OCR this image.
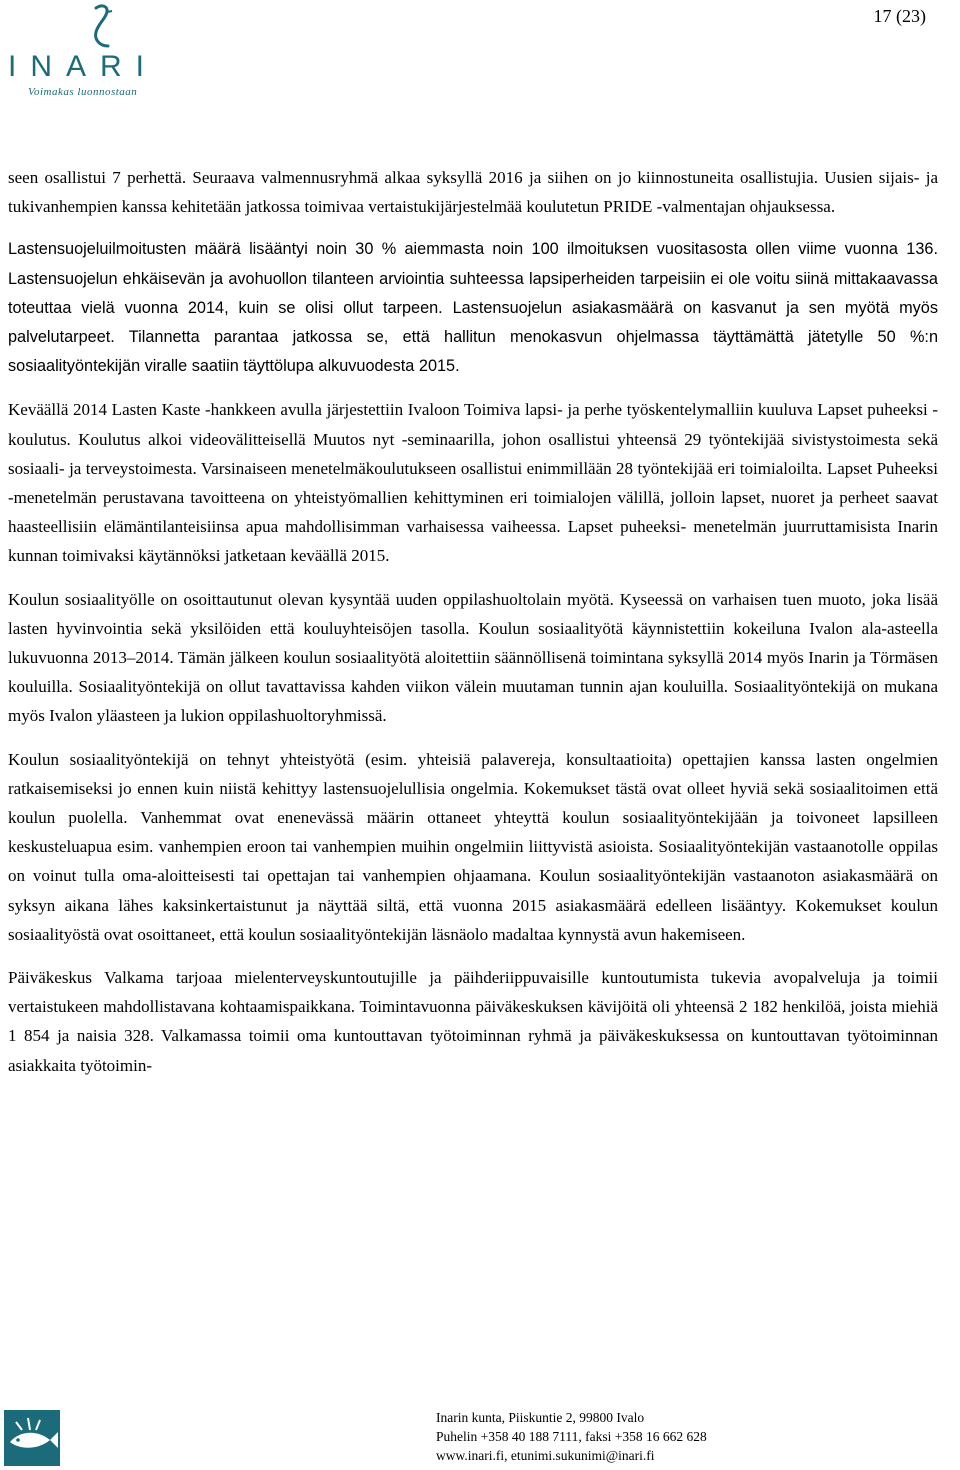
INARI
Voimakas luonnostaan
17 (23)

seen osallistui 7 perhettä. Seuraava valmennusryhmä alkaa syksyllä 2016 ja siihen on jo kiinnostuneita osallistujia. Uusien sijais- ja tukivanhempien kanssa kehitetään jatkossa toimivaa vertaistukijärjestelmää koulutetun PRIDE -valmentajan ohjauksessa.

Lastensuojeluilmoitusten määrä lisääntyi noin 30 % aiemmasta noin 100 ilmoituksen vuositasosta ollen viime vuonna 136. Lastensuojelun ehkäisevän ja avohuollon tilanteen arviointia suhteessa lapsiperheiden tarpeisiin ei ole voitu siinä mittakaavassa toteuttaa vielä vuonna 2014, kuin se olisi ollut tarpeen. Lastensuojelun asiakasmäärä on kasvanut ja sen myötä myös palvelutarpeet. Tilannetta parantaa jatkossa se, että hallitun menokasvun ohjelmassa täyttämättä jätetylle 50 %:n sosiaalityöntekijän viralle saatiin täyttölupa alkuvuodesta 2015.

Keväällä 2014 Lasten Kaste -hankkeen avulla järjestettiin Ivaloon Toimiva lapsi- ja perhe työskentelymalliin kuuluva Lapset puheeksi -koulutus. Koulutus alkoi videovälitteisellä Muutos nyt -seminaarilla, johon osallistui yhteensä 29 työntekijää sivistystoimesta sekä sosiaali- ja terveystoimesta. Varsinaiseen menetelmäkoulutukseen osallistui enimmillään 28 työntekijää eri toimialoilta. Lapset Puheeksi -menetelmän perustavana tavoitteena on yhteistyömallien kehittyminen eri toimialojen välillä, jolloin lapset, nuoret ja perheet saavat haasteellisiin elämäntilanteisiinsa apua mahdollisimman varhaisessa vaiheessa. Lapset puheeksi- menetelmän juurruttamisista Inarin kunnan toimivaksi käytännöksi jatketaan keväällä 2015.

Koulun sosiaalityölle on osoittautunut olevan kysyntää uuden oppilashuoltolain myötä. Kyseessä on varhaisen tuen muoto, joka lisää lasten hyvinvointia sekä yksilöiden että kouluyhteisöjen tasolla. Koulun sosiaalityötä käynnistettiin kokeiluna Ivalon ala-asteella lukuvuonna 2013–2014. Tämän jälkeen koulun sosiaalityötä aloitettiin säännöllisenä toimintana syksyllä 2014 myös Inarin ja Törmäsen kouluilla. Sosiaalityöntekijä on ollut tavattavissa kahden viikon välein muutaman tunnin ajan kouluilla. Sosiaalityöntekijä on mukana myös Ivalon yläasteen ja lukion oppilashuoltoryhmissä.

Koulun sosiaalityöntekijä on tehnyt yhteistyötä (esim. yhteisiä palavereja, konsultaatioita) opettajien kanssa lasten ongelmien ratkaisemiseksi jo ennen kuin niistä kehittyy lastensuojelullisia ongelmia. Kokemukset tästä ovat olleet hyviä sekä sosiaalitoimen että koulun puolella. Vanhemmat ovat enenevässä määrin ottaneet yhteyttä koulun sosiaalityöntekijään ja toivoneet lapsilleen keskusteluapua esim. vanhempien eroon tai vanhempien muihin ongelmiin liittyvistä asioista. Sosiaalityöntekijän vastaanotolle oppilas on voinut tulla oma-aloitteisesti tai opettajan tai vanhempien ohjaamana. Koulun sosiaalityöntekijän vastaanoton asiakasmäärä on syksyn aikana lähes kaksinkertaistunut ja näyttää siltä, että vuonna 2015 asiakasmäärä edelleen lisääntyy. Kokemukset koulun sosiaalityöstä ovat osoittaneet, että koulun sosiaalityöntekijän läsnäolo madaltaa kynnystä avun hakemiseen.

Päiväkeskus Valkama tarjoaa mielenterveyskuntoutujille ja päihderiippuvaisille kuntoutumista tukevia avopalveluja ja toimii vertaistukeen mahdollistavana kohtaamispaikkana. Toimintavuonna päiväkeskuksen kävijöitä oli yhteensä 2 182 henkilöä, joista miehiä 1 854 ja naisia 328. Valkamassa toimii oma kuntouttavan työtoiminnan ryhmä ja päiväkeskuksessa on kuntouttavan työtoiminnan asiakkaita työtoimin-

Inarin kunta, Piiskuntie 2, 99800 Ivalo
Puhelin +358 40 188 7111, faksi +358 16 662 628
www.inari.fi, etunimi.sukunimi@inari.fi
